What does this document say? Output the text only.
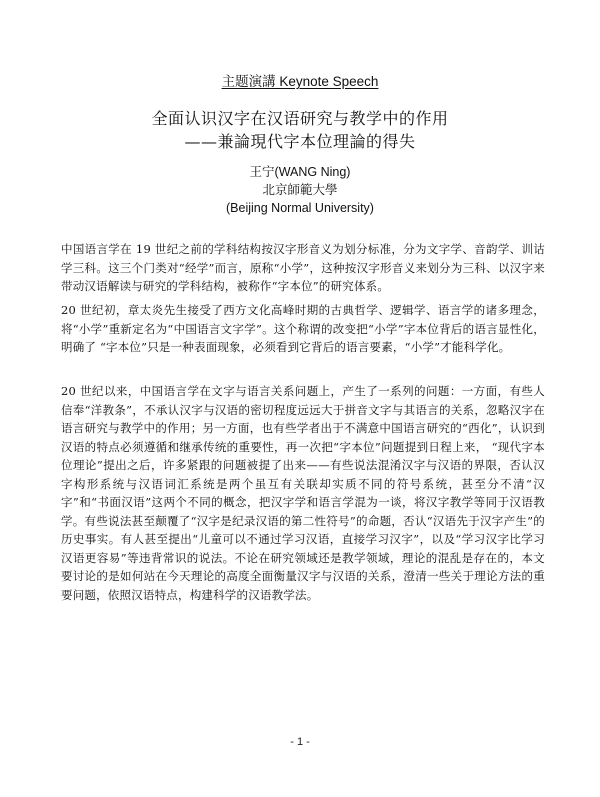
主题演講 Keynote Speech
全面认识汉字在汉语研究与教学中的作用
——兼論現代字本位理論的得失
王宁(WANG Ning)
北京師範大學
(Beijing Normal University)

中国语言学在 19 世纪之前的学科结构按汉字形音义为划分标准，分为文字学、音韵学、训诂学三科。这三个门类对“经学”而言，原称“小学”，这种按汉字形音义来划分为三科、以汉字来带动汉语解读与研究的学科结构，被称作“字本位”的研究体系。

20 世纪初，章太炎先生接受了西方文化高峰时期的古典哲学、逻辑学、语言学的诸多理念，将“小学”重新定名为“中国语言文字学”。这个称谓的改变把“小学”字本位背后的语言显性化，明确了 “字本位”只是一种表面现象，必须看到它背后的语言要素，“小学”才能科学化。

20 世纪以来，中国语言学在文字与语言关系问题上，产生了一系列的问题：一方面，有些人信奉“洋教条”，不承认汉字与汉语的密切程度远远大于拼音文字与其语言的关系，忽略汉字在语言研究与教学中的作用；另一方面，也有些学者出于不满意中国语言研究的“西化”，认识到汉语的特点必须遵循和继承传统的重要性，再一次把“字本位”问题提到日程上来， “现代字本位理论”提出之后，许多紧跟的问题被提了出来——有些说法混淆汉字与汉语的界限，否认汉字构形系统与汉语词汇系统是两个虽互有关联却实质不同的符号系统，甚至分不清“汉字”和“书面汉语”这两个不同的概念，把汉字学和语言学混为一谈，将汉字教学等同于汉语教学。有些说法甚至颠覆了“汉字是纪录汉语的第二性符号”的命题，否认“汉语先于汉字产生”的历史事实。有人甚至提出“儿童可以不通过学习汉语，直接学习汉字”，以及“学习汉字比学习汉语更容易”等违背常识的说法。不论在研究领域还是教学领域，理论的混乱是存在的，本文要讨论的是如何站在今天理论的高度全面衡量汉字与汉语的关系，澄清一些关于理论方法的重要问题，依照汉语特点，构建科学的汉语教学法。

- 1 -
